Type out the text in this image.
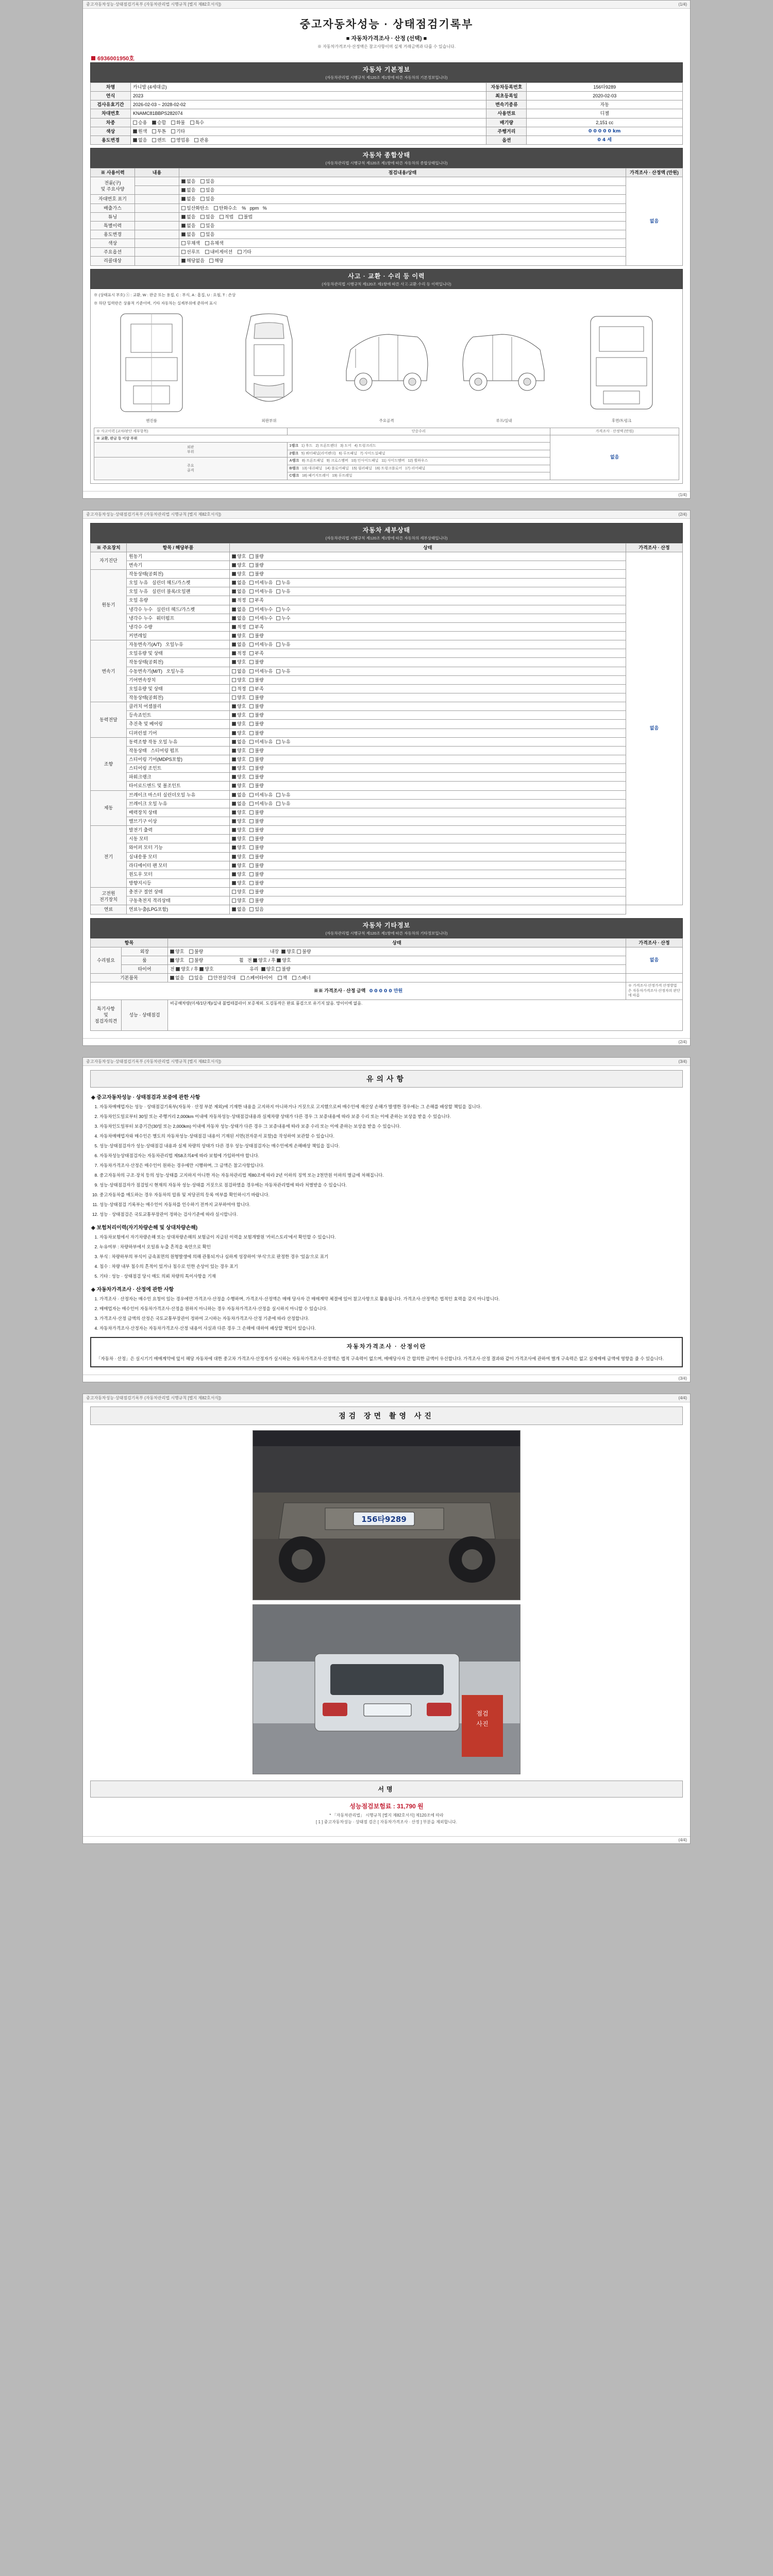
중고자동차성능·상태점검기록부 (자동차관리법 시행규칙 [별지 제82호서식])	(1/4)
중고자동차성능 · 상태점검기록부
■ 자동차가격조사 · 산정 (선택) ■
※ 자동차가격조사·산정액은 참고사항이며 실제 거래금액과 다를 수 있습니다.
6936001950호
자동차 기본정보
(자동차관리법 시행규칙 제120조 제1항에 따른 자동차의 기본정보입니다)
차명	카니발 (4세대급)	자동차등록번호	156타9289
연식	2023	최초등록일	2020-02-03
검사유효기간	2026-02-03 ~ 2028-02-02	변속기종류	자동
차대번호	KNAMC81BBPS282074	사용연료	디젤
차종	승용 승합 화물 특수	배기량	2,151 cc
색상	원색 투톤 기타	주행거리	0 0 0 0 0 km
용도변경	없음 렌트 영업용 관용	옵션	0 4 세
자동차 종합상태
(자동차관리법 시행규칙 제120조 제1항에 따른 자동차의 종합상태입니다)
※ 사용이력	내용	점검내용/상태	가격조사 · 산정액 (만원)
전륜(구)
및 주요사양		없음 있음	없음
		없음 있음	
자대번호 표기		없음 있음	
배출가스		일산화탄소 탄화수소 %   ppm   %	
튜닝		없음 있음 적법 불법	
특별이력		없음 있음	
용도변경		없음 있음	
색상		무채색 유채색	
주요옵션		선루프 내비게이션 기타	
리콜대상		해당없음 해당	
사고 · 교환 · 수리 등 이력
(자동차관리법 시행규칙 제120조 제1항에 따른 사고·교환·수리 등 이력입니다)
※ (상태표시 부호) ⓧ : 교환, W : 판금 또는 용접, C : 부식, A : 흠집, U : 요철, T : 손상
※ 하단 입력란은 상품적 기준이며, 기타 자동차는 실제부위에 준하여 표시
엔진룸	외판부위	주요골격	루프/실내	후면/트렁크
※ 사고이력 (교차/판단 세부항목)	단순수리	가격조사 · 산정액 (만원)
※ 교환, 판금 등 이상 부위		없음
외판
부위	1랭크   1) 후드   2) 프론트펜더   3) 도어   4) 트렁크리드	
	2랭크   5) 쿼터패널(리어펜더)   6) 루프패널   7) 사이드실패널	
주요
골격	A랭크   8) 프론트패널   9) 크로스멤버   10) 인사이드패널   11) 사이드멤버   12) 휠하우스	
	B랭크   13) 대쉬패널   14) 플로어패널   15) 필러패널   16) 트렁크플로어   17) 리어패널	
	C랭크   18) 패키지트레이   19) 루프레일	
(1/4)
중고자동차성능·상태점검기록부 (자동차관리법 시행규칙 [별지 제82호서식])	(2/4)
자동차 세부상태
(자동차관리법 시행규칙 제120조 제1항에 따른 자동차의 세부상태입니다)
※ 주요장치	항목 / 해당부품	상태	가격조사 · 산정
자기진단	원동기	양호 불량	없음
	변속기	양호 불량	
원동기	작동상태(공회전)	양호 불량	
	오일 누유   실린더 헤드/가스켓	없음 미세누유 누유	
	오일 누유   실린더 블록/오일팬	없음 미세누유 누유	
	오일 유량	적정 부족	
	냉각수 누수   실린더 헤드/가스켓	없음 미세누수 누수	
	냉각수 누수   워터펌프	없음 미세누수 누수	
	냉각수 수량	적정 부족	
	커먼레일	양호 불량	
변속기	자동변속기(A/T)   오일누유	없음 미세누유 누유	
	오일유량 및 상태	적정 부족	
	작동상태(공회전)	양호 불량	
	수동변속기(M/T)   오일누유	없음 미세누유 누유	
	기어변속장치	양호 불량	
	오일유량 및 상태	적정 부족	
	작동상태(공회전)	양호 불량	
동력전달	클러치 어셈블리	양호 불량	
	등속죠인트	양호 불량	
	추진축 및 베어링	양호 불량	
	디퍼런셜 기어	양호 불량	
조향	동력조향 작동 오일 누유	없음 미세누유 누유	
	작동상태   스티어링 펌프	양호 불량	
	스티어링 기어(MDPS포함)	양호 불량	
	스티어링 조인트	양호 불량	
	파워크랭크	양호 불량	
	타이로드엔드 및 볼조인트	양호 불량	
제동	브레이크 마스터 실린더오일 누유	없음 미세누유 누유	
	브레이크 오일 누유	없음 미세누유 누유	
	배력장치 상태	양호 불량	
	밸브기구 이상	양호 불량	
전기	발전기 출력	양호 불량	
	시동 모터	양호 불량	
	와이퍼 모터 기능	양호 불량	
	실내송풍 모터	양호 불량	
	라디에이터 팬 모터	양호 불량	
	윈도우 모터	양호 불량	
	방향지시등	양호 불량	
고전원
전기장치	충전구 절연 상태	양호 불량	
	구동축전지 격리상태	양호 불량	
연료	연료누출(LPG포함)	없음 있음	
자동차 기타정보
(자동차관리법 시행규칙 제120조 제1항에 따른 자동차의 기타정보입니다)
항목		상태	가격조사 · 산정
수리필요	외장	양호 불량 내장  양호 불량	없음
	룸	양호 불량 휠   전 양호 / 후 양호	
	타이어	전 양호 / 후 양호 유리  양호 불량	
기본품목		없음 있음 안전삼각대 스페어타이어 잭 스패너	
※※ 가격조사 · 산정 금액 0 0 0 0 0 만원			※ 가격조사·산정가격 산정방법은 자동차가격조사·산정자의 판단에 따름
특기사항
및
점검자의견	성능 · 상태점검	비공해차량(미세/1단계)/실내 불법테블라이 보증제외. 도검동작은 완료 품검으로 유기지 않음. 망이이에 없음.	
(2/4)
중고자동차성능·상태점검기록부 (자동차관리법 시행규칙 [별지 제82호서식])	(3/4)
유의사항
◈ 중고자동차성능 · 상태점검과 보증에 관한 사항
1. 자동차매매업자는 성능 · 상태점검기록부(자동차 · 산정 부분 제외)에 기재한 내용을 고지하지 아니하거나 거짓으로 고지했으로써 매수인에 재산상 손해가 발생한 경우에는 그 손해를 배상할 책임을 집니다.
2. 자동차인도일로부터 30일 또는 주행거리 2,000km 이내에 자동차성능·상태점검내용과 실제차량 상태가 다른 경우 그 보증내용에 따라 보증 수리 또는 이에 준하는 보상을 받을 수 있습니다.
3. 자동차인도일부터 보증기간(30일 또는 2,000km) 이내에 자동차 성능·상태가 다른 경우 그 보증내용에 따라 보증 수리 또는 이에 준하는 보상을 받을 수 있습니다.
4. 자동차매매업자와 매수인은 별도의 자동차성능·상태점검 내용이 기재된 서면(전자문서 포함)을 작성하여 보관할 수 있습니다.
5. 성능·상태점검자가 성능·상태점검 내용과 실제 차량의 상태가 다른 경우 성능·상태점검자는 매수인에게 손해배상 책임을 집니다.
6. 자동차성능상태점검자는 자동차관리법 제58조의4에 따라 보험에 가입하여야 합니다.
7. 자동차가격조사·산정은 매수인이 원하는 경우에만 시행하며, 그 금액은 참고사항입니다.
8. 중고자동차의 구조·장치 등의 성능·상태를 고지하지 아니한 자는 자동차관리법 제80조에 따라 2년 이하의 징역 또는 2천만원 이하의 벌금에 처해집니다.
9. 성능·상태점검자가 점검일시 현재의 자동차 성능·상태를 거짓으로 점검하였을 경우에는 자동차관리법에 따라 처벌받을 수 있습니다.
10. 중고자동차를 매도하는 경우 자동차의 압류 및 저당권의 등록 여부를 확인하시기 바랍니다.
11. 성능·상태점검 기록부는 매수인이 자동차를 인수하기 전까지 교부하여야 합니다.
12. 성능 · 상태점검은 국토교통부장관이 정하는 검사기준에 따라 실시합니다.
◈ 보험처리이력(자기차량손해 및 상대차량손해)
1. 자동차보험에서 자기차량손해 또는 상대차량손해의 보험금이 지급된 이력을 보험개발원 '카히스토리'에서 확인할 수 있습니다.
2. 누유여부 : 차량하부에서 오일류 누출 흔적을 육안으로 확인
3. 부식 : 차량하부의 부식이 금속표면의 원형발생에 의해 관통되거나 심하게 성장하여 '부식'으로 판정한 경우 '있음'으로 표기
4. 침수 : 차량 내부 침수의 흔적이 있거나 침수로 인한 손상이 있는 경우 표기
5. 기타 : 성능 · 상태점검 당시 매도 의뢰 차량의 특이사항을 기재
◈ 자동차가격조사 · 산정에 관한 사항
1. 가격조사 · 산정자는 매수인 요청이 있는 경우에만 가격조사·산정을 수행하며, 가격조사·산정액은 매매 당사자 간 매매계약 체결에 있어 참고사항으로 활용됩니다. 가격조사·산정액은 법적인 효력을 갖지 아니합니다.
2. 매매업자는 매수인이 자동차가격조사·산정을 원하지 아니하는 경우 자동차가격조사·산정을 실시하지 아니할 수 있습니다.
3. 가격조사·산정 금액의 산정은 국토교통부장관이 정하여 고시하는 자동차가격조사·산정 기준에 따라 산정합니다.
4. 자동차가격조사·산정자는 자동차가격조사·산정 내용이 사실과 다른 경우 그 손해에 대하여 배상할 책임이 있습니다.
자동차가격조사 · 산정이란
「자동차 · 산정」은 실시기기 매매계약에 앞서 해당 자동차에 대한 중고차 가격조사·산정자가 실시하는 자동차가격조사·산정액은 법적 구속력이 없으며, 매매당사자 간 합의한 금액이 우선합니다. 가격조사·산정 결과와 같이 가격조사에 관하여 별개 구속력은 없고 실제매매 금액에 영향을 줄 수 있습니다.
(3/4)
중고자동차성능·상태점검기록부 (자동차관리법 시행규칙 [별지 제82호서식])	(4/4)
점검 장면 촬영 사진
156타9289
점검
사진
서명
성능점검보험료 : 31,790 원
* 「자동차관리법」 시행규칙 [별지 제82호서식] 제120조에 따라
[ 1 ] 중고자동차성능 · 상태점 검은 [ 자동차가격조사 · 산정 ] 부분을 제외합니다.
(4/4)
